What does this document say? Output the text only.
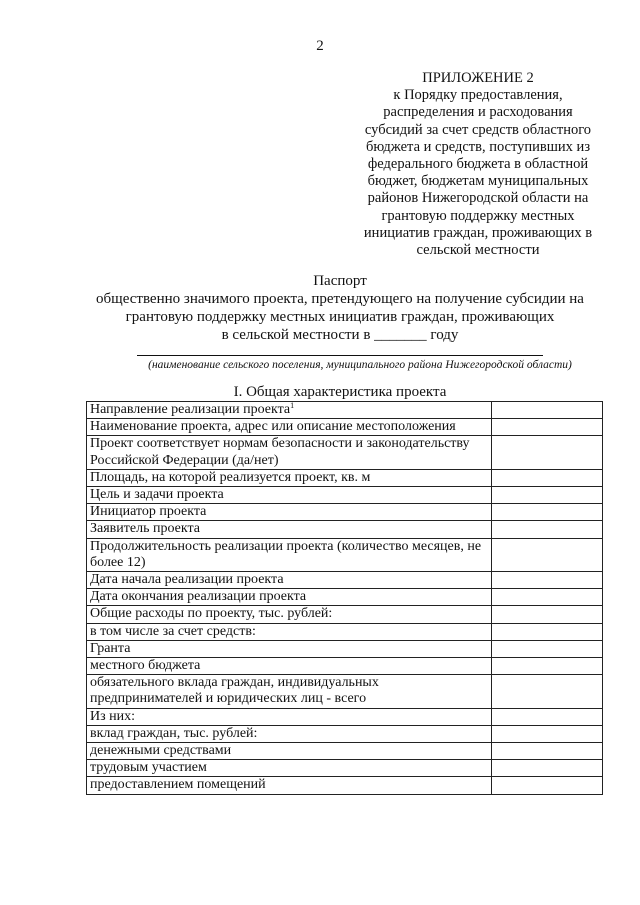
2
ПРИЛОЖЕНИЕ 2
к Порядку предоставления,
распределения и расходования
субсидий за счет средств областного
бюджета и средств, поступивших из
федерального бюджета в областной
бюджет, бюджетам муниципальных
районов Нижегородской области на
грантовую поддержку местных
инициатив граждан, проживающих в
сельской местности
Паспорт
общественно значимого проекта, претендующего на получение субсидии на
грантовую поддержку местных инициатив граждан, проживающих
в сельской местности в _______ году
(наименование сельского поселения, муниципального района Нижегородской области)
I. Общая характеристика проекта
Направление реализации проекта$^1$	
Наименование проекта, адрес или описание местоположения	
Проект соответствует нормам безопасности и законодательству Российской Федерации (да/нет)	
Площадь, на которой реализуется проект, кв. м	
Цель и задачи проекта	
Инициатор проекта	
Заявитель проекта	
Продолжительность реализации проекта (количество месяцев, не более 12)	
Дата начала реализации проекта	
Дата окончания реализации проекта	
Общие расходы по проекту, тыс. рублей:	
в том числе за счет средств:	
Гранта	
местного бюджета	
обязательного вклада граждан, индивидуальных предпринимателей и юридических лиц - всего	
Из них:	
вклад граждан, тыс. рублей:	
денежными средствами	
трудовым участием	
предоставлением помещений	
